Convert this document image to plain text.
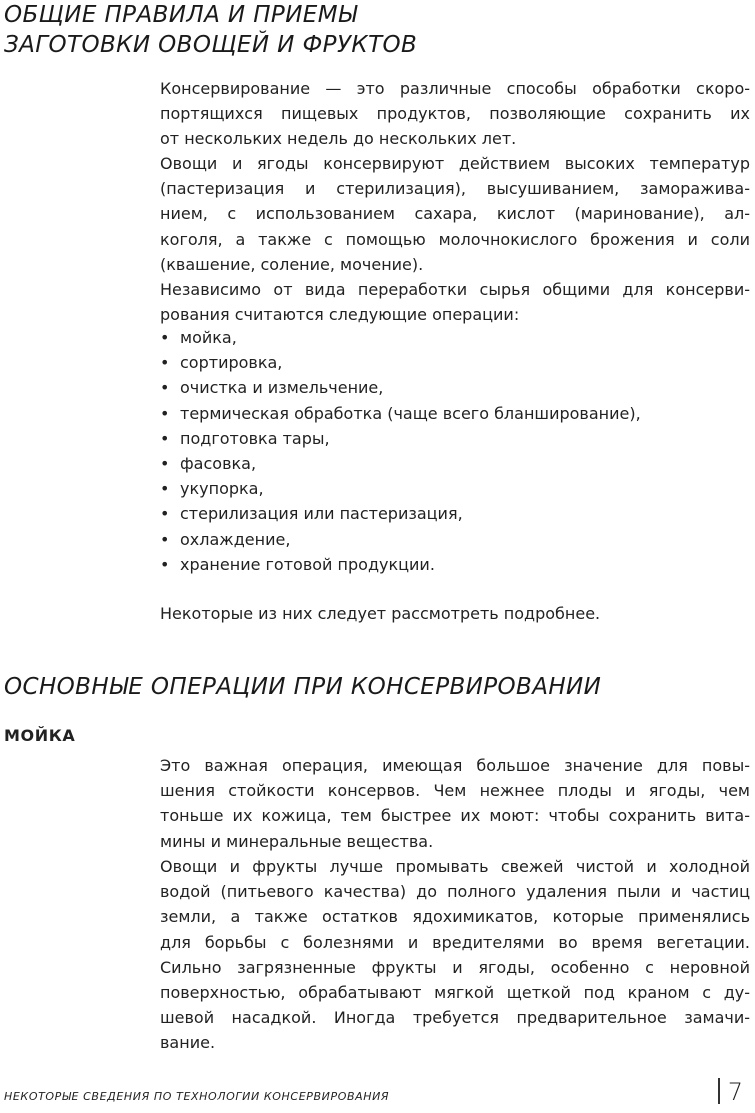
ОБЩИЕ ПРАВИЛА И ПРИЕМЫ
ЗАГОТОВКИ ОВОЩЕЙ И ФРУКТОВ

Консервирование — это различные способы обработки скоро-
портящихся пищевых продуктов, позволяющие сохранить их
от нескольких недель до нескольких лет.

Овощи и ягоды консервируют действием высоких температур
(пастеризация и стерилизация), высушиванием, заморажива-
нием, с использованием сахара, кислот (маринование), ал-
коголя, а также с помощью молочнокислого брожения и соли
(квашение, соление, мочение).

Независимо от вида переработки сырья общими для консерви-
рования считаются следующие операции:

• мойка,
• сортировка,
• очистка и измельчение,
• термическая обработка (чаще всего бланширование),
• подготовка тары,
• фасовка,
• укупорка,
• стерилизация или пастеризация,
• охлаждение,
• хранение готовой продукции.

Некоторые из них следует рассмотреть подробнее.

ОСНОВНЫЕ ОПЕРАЦИИ ПРИ КОНСЕРВИРОВАНИИ
МОЙКА

Это важная операция, имеющая большое значение для повы-
шения стойкости консервов. Чем нежнее плоды и ягоды, чем
тоньше их кожица, тем быстрее их моют: чтобы сохранить вита-
мины и минеральные вещества.

Овощи и фрукты лучше промывать свежей чистой и холодной
водой (питьевого качества) до полного удаления пыли и частиц
земли, а также остатков ядохимикатов, которые применялись
для борьбы с болезнями и вредителями во время вегетации.
Сильно загрязненные фрукты и ягоды, особенно с неровной
поверхностью, обрабатывают мягкой щеткой под краном с ду-
шевой насадкой. Иногда требуется предварительное замачи-
вание.

НЕКОТОРЫЕ СВЕДЕНИЯ ПО ТЕХНОЛОГИИ КОНСЕРВИРОВАНИЯ	7
